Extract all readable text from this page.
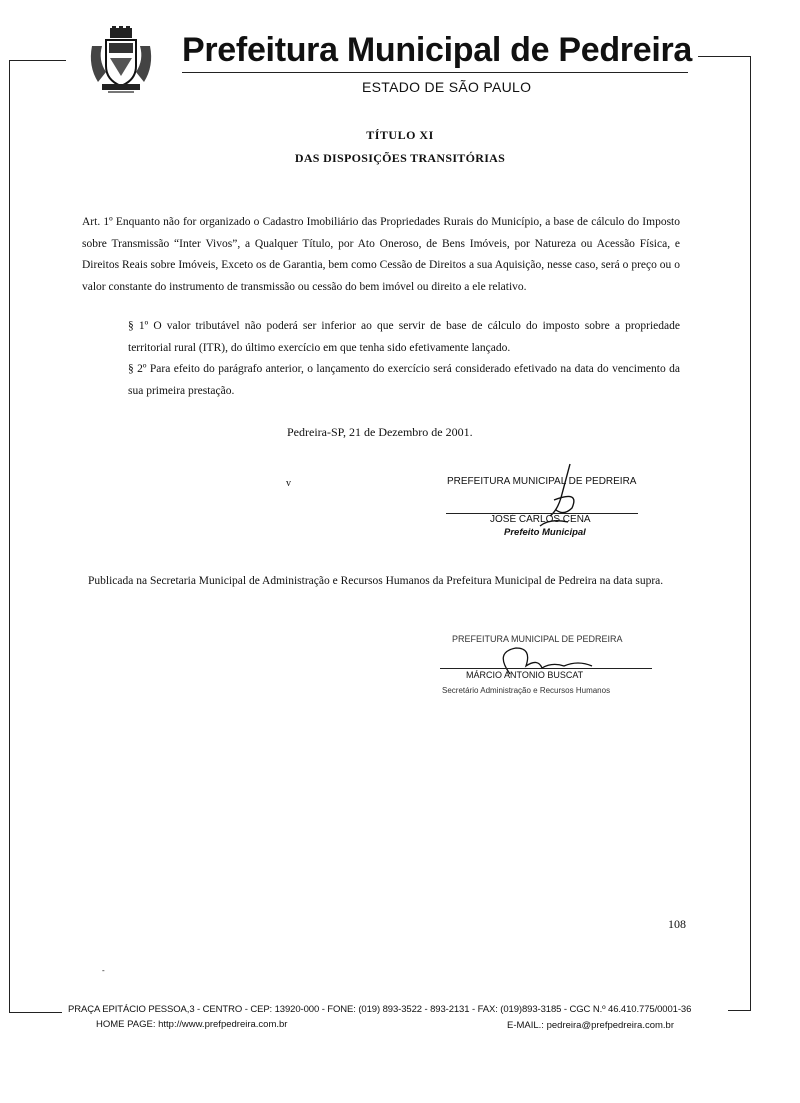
Prefeitura Municipal de Pedreira
ESTADO DE SÃO PAULO
TÍTULO XI
DAS DISPOSIÇÕES TRANSITÓRIAS
Art. 1º Enquanto não for organizado o Cadastro Imobiliário das Propriedades Rurais do Município, a base de cálculo do Imposto sobre Transmissão “Inter Vivos”, a Qualquer Título, por Ato Oneroso, de Bens Imóveis, por Natureza ou Acessão Física, e Direitos Reais sobre Imóveis, Exceto os de Garantia, bem como Cessão de Direitos a sua Aquisição, nesse caso, será o preço ou o valor constante do instrumento de transmissão ou cessão do bem imóvel ou direito a ele relativo.

§ 1º O valor tributável não poderá ser inferior ao que servir de base de cálculo do imposto sobre a propriedade territorial rural (ITR), do último exercício em que tenha sido efetivamente lançado.

§ 2º Para efeito do parágrafo anterior, o lançamento do exercício será considerado efetivado na data do vencimento da sua primeira prestação.

Pedreira-SP, 21 de Dezembro de 2001.
v	PREFEITURA MUNICIPAL DE PEDREIRA
JOSÉ CARLOS CENA
Prefeito Municipal
Publicada na Secretaria Municipal de Administração e Recursos Humanos da Prefeitura Municipal de Pedreira na data supra.
PREFEITURA MUNICIPAL DE PEDREIRA
MÁRCIO ANTONIO BUSCAT
Secretário Administração e Recursos Humanos
108
-
PRAÇA EPITÁCIO PESSOA,3 - CENTRO - CEP: 13920-000 - FONE: (019) 893-3522 - 893-2131 - FAX: (019)893-3185 - CGC N.º 46.410.775/0001-36
HOME PAGE: http://www.prefpedreira.com.br	E-MAIL.: pedreira@prefpedreira.com.br
